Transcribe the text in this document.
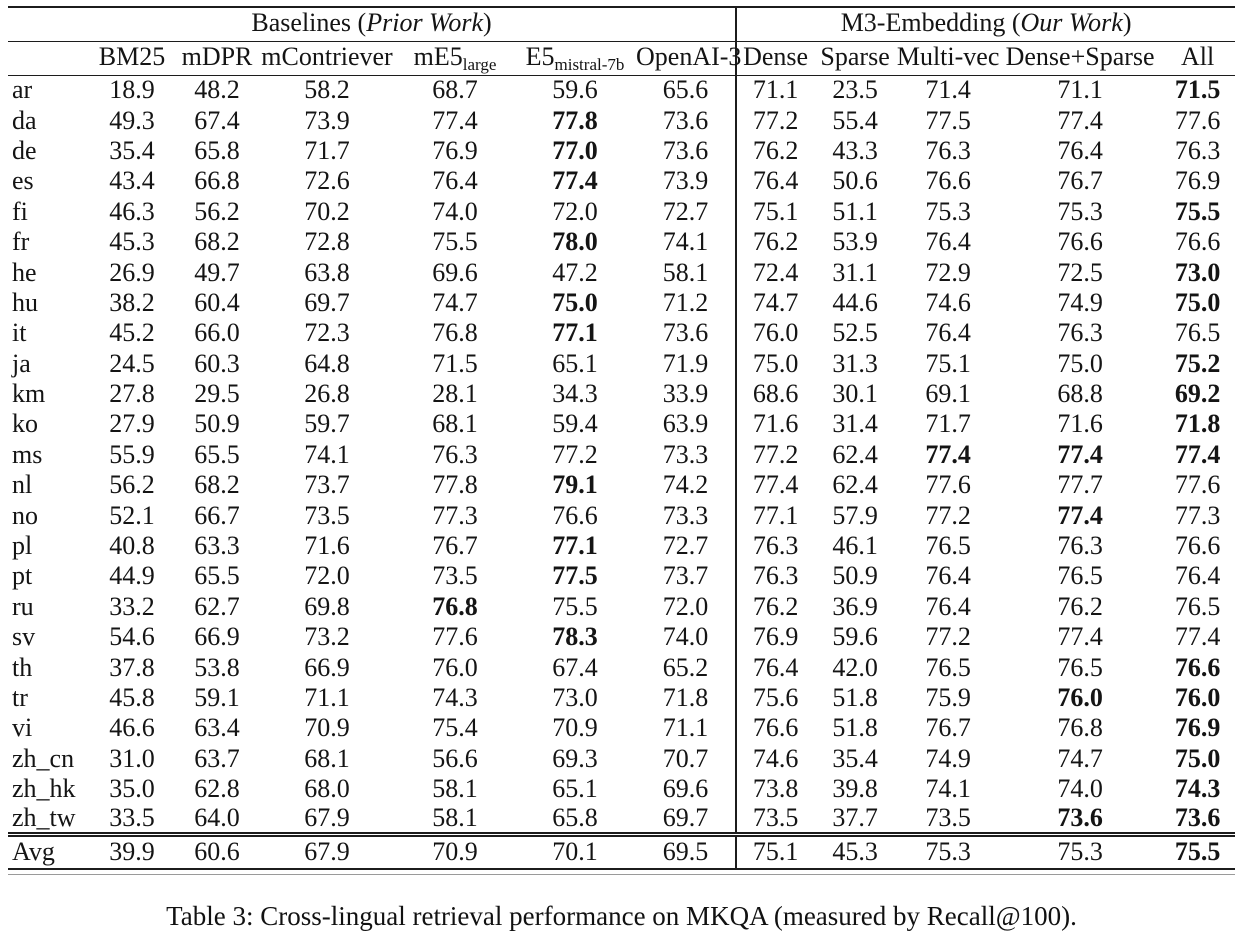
Baselines (Prior Work)							M3-Embedding (Our Work)				
	BM25	mDPR	mContriever	$mE5_{large}$	$E5_{mistral-7b}$	OpenAI-3	Dense	Sparse	Multi-vec	Dense+Sparse	All
ar	18.9	48.2	58.2	68.7	59.6	65.6	71.1	23.5	71.4	71.1	71.5
da	49.3	67.4	73.9	77.4	77.8	73.6	77.2	55.4	77.5	77.4	77.6
de	35.4	65.8	71.7	76.9	77.0	73.6	76.2	43.3	76.3	76.4	76.3
es	43.4	66.8	72.6	76.4	77.4	73.9	76.4	50.6	76.6	76.7	76.9
fi	46.3	56.2	70.2	74.0	72.0	72.7	75.1	51.1	75.3	75.3	75.5
fr	45.3	68.2	72.8	75.5	78.0	74.1	76.2	53.9	76.4	76.6	76.6
he	26.9	49.7	63.8	69.6	47.2	58.1	72.4	31.1	72.9	72.5	73.0
hu	38.2	60.4	69.7	74.7	75.0	71.2	74.7	44.6	74.6	74.9	75.0
it	45.2	66.0	72.3	76.8	77.1	73.6	76.0	52.5	76.4	76.3	76.5
ja	24.5	60.3	64.8	71.5	65.1	71.9	75.0	31.3	75.1	75.0	75.2
km	27.8	29.5	26.8	28.1	34.3	33.9	68.6	30.1	69.1	68.8	69.2
ko	27.9	50.9	59.7	68.1	59.4	63.9	71.6	31.4	71.7	71.6	71.8
ms	55.9	65.5	74.1	76.3	77.2	73.3	77.2	62.4	77.4	77.4	77.4
nl	56.2	68.2	73.7	77.8	79.1	74.2	77.4	62.4	77.6	77.7	77.6
no	52.1	66.7	73.5	77.3	76.6	73.3	77.1	57.9	77.2	77.4	77.3
pl	40.8	63.3	71.6	76.7	77.1	72.7	76.3	46.1	76.5	76.3	76.6
pt	44.9	65.5	72.0	73.5	77.5	73.7	76.3	50.9	76.4	76.5	76.4
ru	33.2	62.7	69.8	76.8	75.5	72.0	76.2	36.9	76.4	76.2	76.5
sv	54.6	66.9	73.2	77.6	78.3	74.0	76.9	59.6	77.2	77.4	77.4
th	37.8	53.8	66.9	76.0	67.4	65.2	76.4	42.0	76.5	76.5	76.6
tr	45.8	59.1	71.1	74.3	73.0	71.8	75.6	51.8	75.9	76.0	76.0
vi	46.6	63.4	70.9	75.4	70.9	71.1	76.6	51.8	76.7	76.8	76.9
zh_cn	31.0	63.7	68.1	56.6	69.3	70.7	74.6	35.4	74.9	74.7	75.0
zh_hk	35.0	62.8	68.0	58.1	65.1	69.6	73.8	39.8	74.1	74.0	74.3
zh_tw	33.5	64.0	67.9	58.1	65.8	69.7	73.5	37.7	73.5	73.6	73.6
Avg	39.9	60.6	67.9	70.9	70.1	69.5	75.1	45.3	75.3	75.3	75.5
Table 3: Cross-lingual retrieval performance on MKQA (measured by Recall@100).
